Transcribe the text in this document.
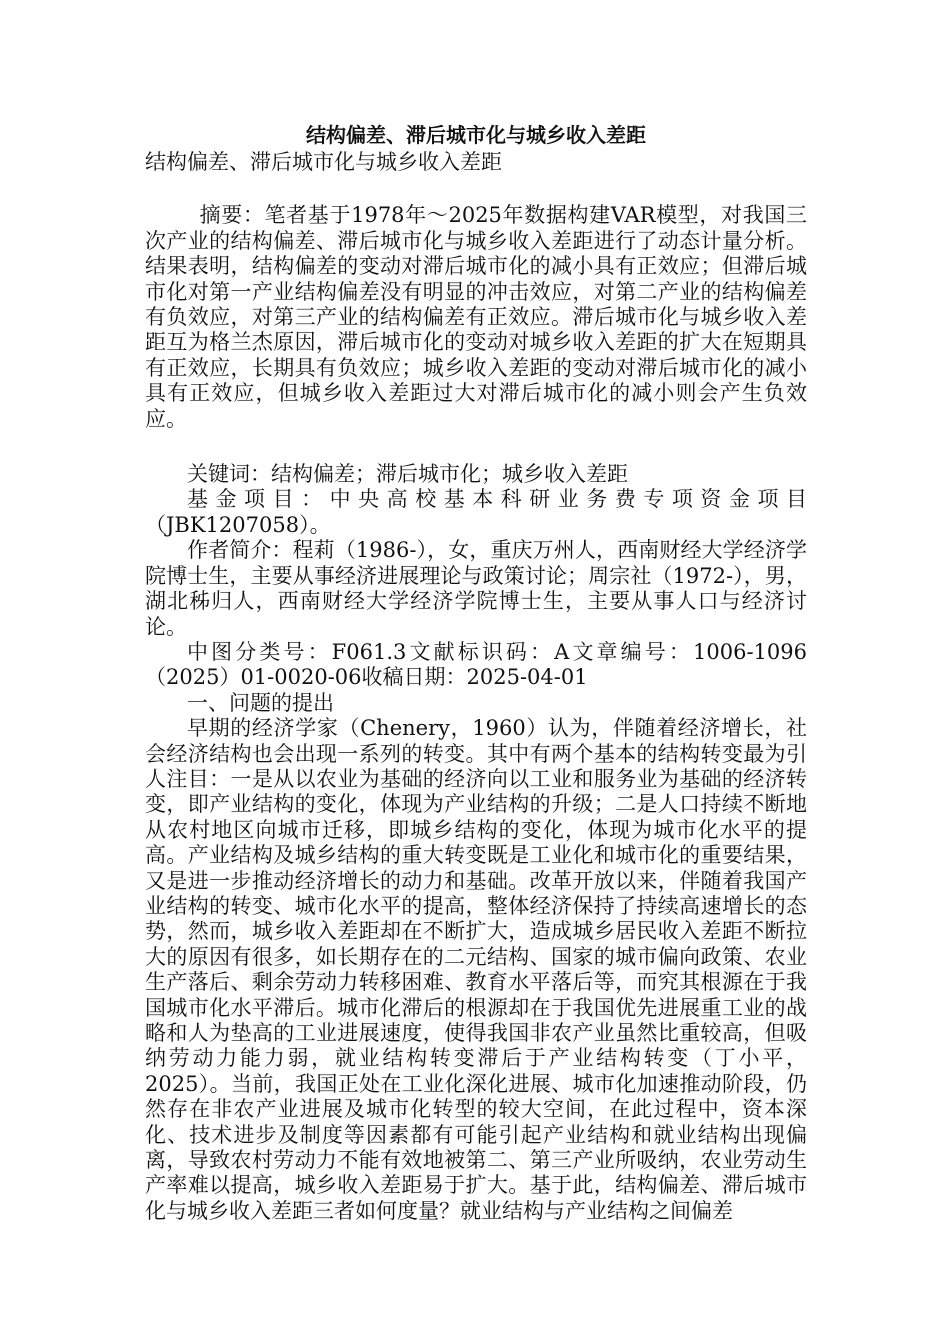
结构偏差、滞后城市化与城乡收入差距
结构偏差、滞后城市化与城乡收入差距
摘要：笔者基于1978年～2025年数据构建VAR模型，对我国三次产业的结构偏差、滞后城市化与城乡收入差距进行了动态计量分析。结果表明，结构偏差的变动对滞后城市化的减小具有正效应；但滞后城市化对第一产业结构偏差没有明显的冲击效应，对第二产业的结构偏差有负效应，对第三产业的结构偏差有正效应。滞后城市化与城乡收入差距互为格兰杰原因，滞后城市化的变动对城乡收入差距的扩大在短期具有正效应，长期具有负效应；城乡收入差距的变动对滞后城市化的减小具有正效应，但城乡收入差距过大对滞后城市化的减小则会产生负效应。
关键词：结构偏差；滞后城市化；城乡收入差距
基金项目：中央高校基本科研业务费专项资金项目（JBK1207058）。
作者简介：程莉（1986-），女，重庆万州人，西南财经大学经济学院博士生，主要从事经济进展理论与政策讨论；周宗社（1972-），男，湖北秭归人，西南财经大学经济学院博士生，主要从事人口与经济讨论。
中图分类号：F061.3文献标识码：A文章编号：1006-1096（2025）01-0020-06收稿日期：2025-04-01
一、问题的提出
早期的经济学家（Chenery，1960）认为，伴随着经济增长，社会经济结构也会出现一系列的转变。其中有两个基本的结构转变最为引人注目：一是从以农业为基础的经济向以工业和服务业为基础的经济转变，即产业结构的变化，体现为产业结构的升级；二是人口持续不断地从农村地区向城市迁移，即城乡结构的变化，体现为城市化水平的提高。产业结构及城乡结构的重大转变既是工业化和城市化的重要结果，又是进一步推动经济增长的动力和基础。改革开放以来，伴随着我国产业结构的转变、城市化水平的提高，整体经济保持了持续高速增长的态势，然而，城乡收入差距却在不断扩大，造成城乡居民收入差距不断拉大的原因有很多，如长期存在的二元结构、国家的城市偏向政策、农业生产落后、剩余劳动力转移困难、教育水平落后等，而究其根源在于我国城市化水平滞后。城市化滞后的根源却在于我国优先进展重工业的战略和人为垫高的工业进展速度，使得我国非农产业虽然比重较高，但吸纳劳动力能力弱，就业结构转变滞后于产业结构转变（丁小平，2025）。当前，我国正处在工业化深化进展、城市化加速推动阶段，仍然存在非农产业进展及城市化转型的较大空间，在此过程中，资本深化、技术进步及制度等因素都有可能引起产业结构和就业结构出现偏离，导致农村劳动力不能有效地被第二、第三产业所吸纳，农业劳动生产率难以提高，城乡收入差距易于扩大。基于此，结构偏差、滞后城市化与城乡收入差距三者如何度量？就业结构与产业结构之间偏差
